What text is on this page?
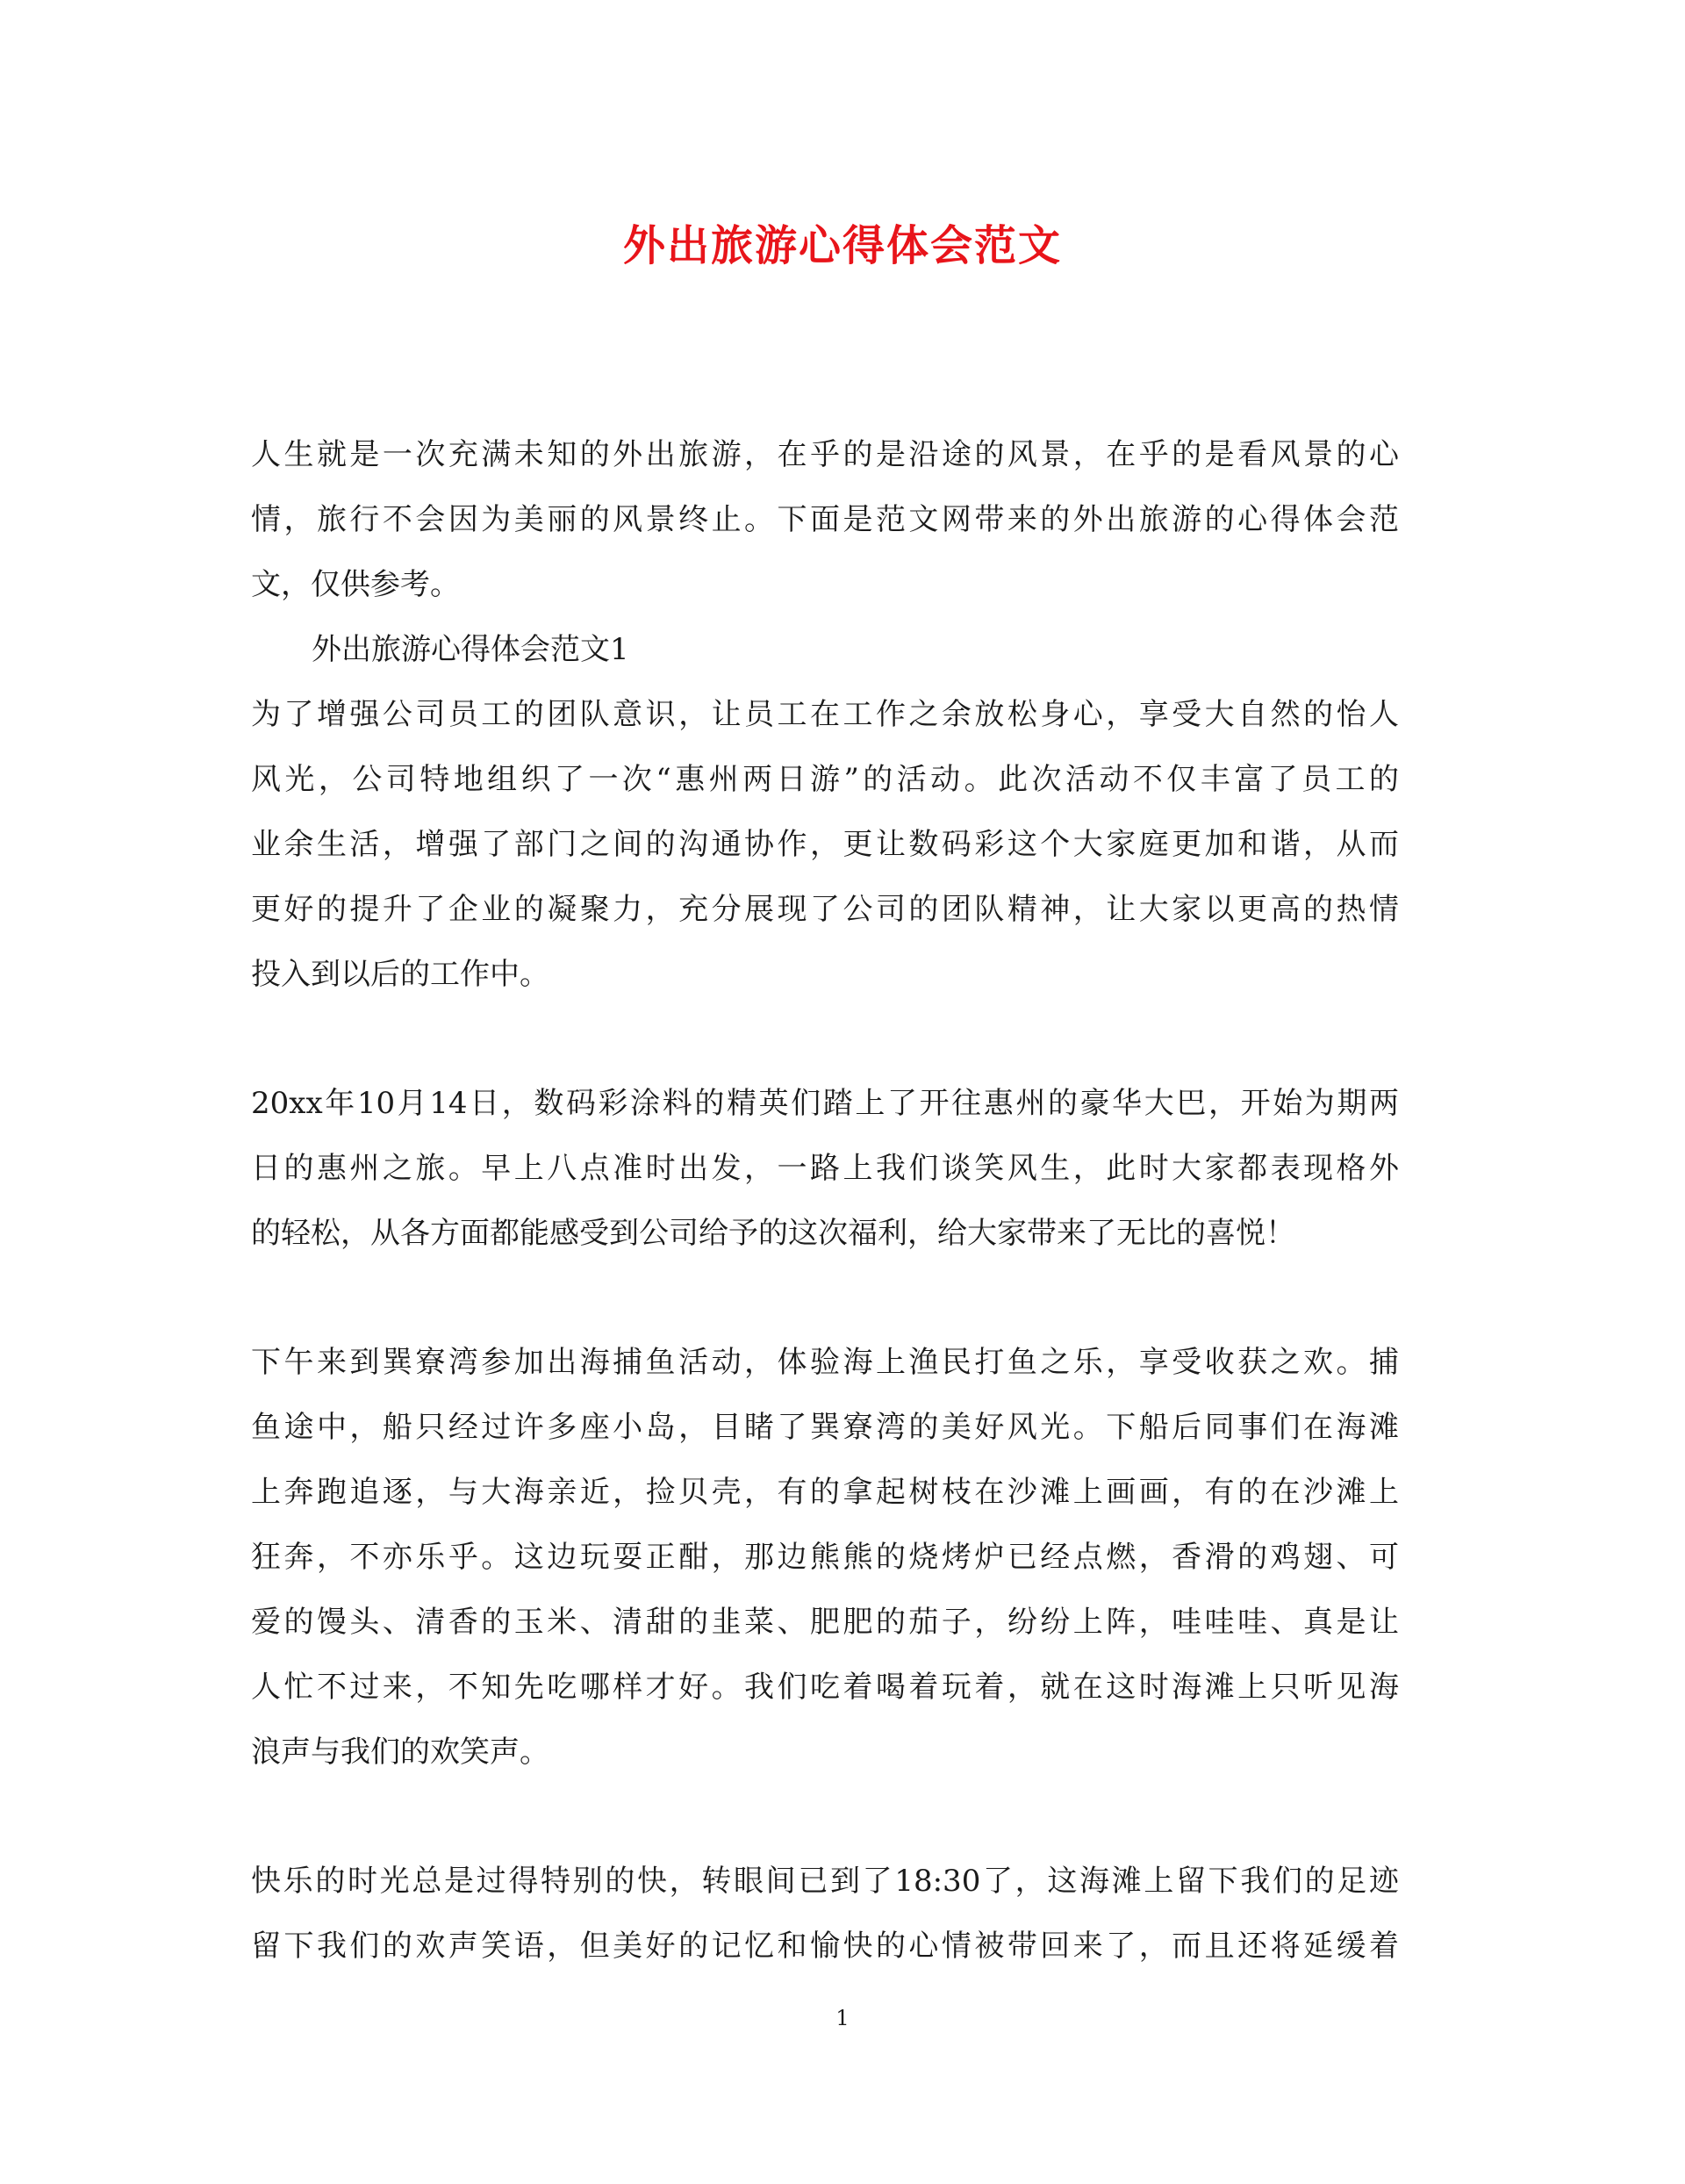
外出旅游心得体会范文
人生就是一次充满未知的外出旅游，在乎的是沿途的风景，在乎的是看风景的心
情，旅行不会因为美丽的风景终止。下面是范文网带来的外出旅游的心得体会范
文，仅供参考。
外出旅游心得体会范文1
为了增强公司员工的团队意识，让员工在工作之余放松身心，享受大自然的怡人
风光，公司特地组织了一次“惠州两日游”的活动。此次活动不仅丰富了员工的
业余生活，增强了部门之间的沟通协作，更让数码彩这个大家庭更加和谐，从而
更好的提升了企业的凝聚力，充分展现了公司的团队精神，让大家以更高的热情
投入到以后的工作中。
20xx年10月14日，数码彩涂料的精英们踏上了开往惠州的豪华大巴，开始为期两
日的惠州之旅。早上八点准时出发，一路上我们谈笑风生，此时大家都表现格外
的轻松，从各方面都能感受到公司给予的这次福利，给大家带来了无比的喜悦！
下午来到巽寮湾参加出海捕鱼活动，体验海上渔民打鱼之乐，享受收获之欢。捕
鱼途中，船只经过许多座小岛，目睹了巽寮湾的美好风光。下船后同事们在海滩
上奔跑追逐，与大海亲近，捡贝壳，有的拿起树枝在沙滩上画画，有的在沙滩上
狂奔，不亦乐乎。这边玩耍正酣，那边熊熊的烧烤炉已经点燃，香滑的鸡翅、可
爱的馒头、清香的玉米、清甜的韭菜、肥肥的茄子，纷纷上阵，哇哇哇、真是让
人忙不过来，不知先吃哪样才好。我们吃着喝着玩着，就在这时海滩上只听见海
浪声与我们的欢笑声。
快乐的时光总是过得特别的快，转眼间已到了18:30了，这海滩上留下我们的足迹
留下我们的欢声笑语，但美好的记忆和愉快的心情被带回来了，而且还将延缓着
1
